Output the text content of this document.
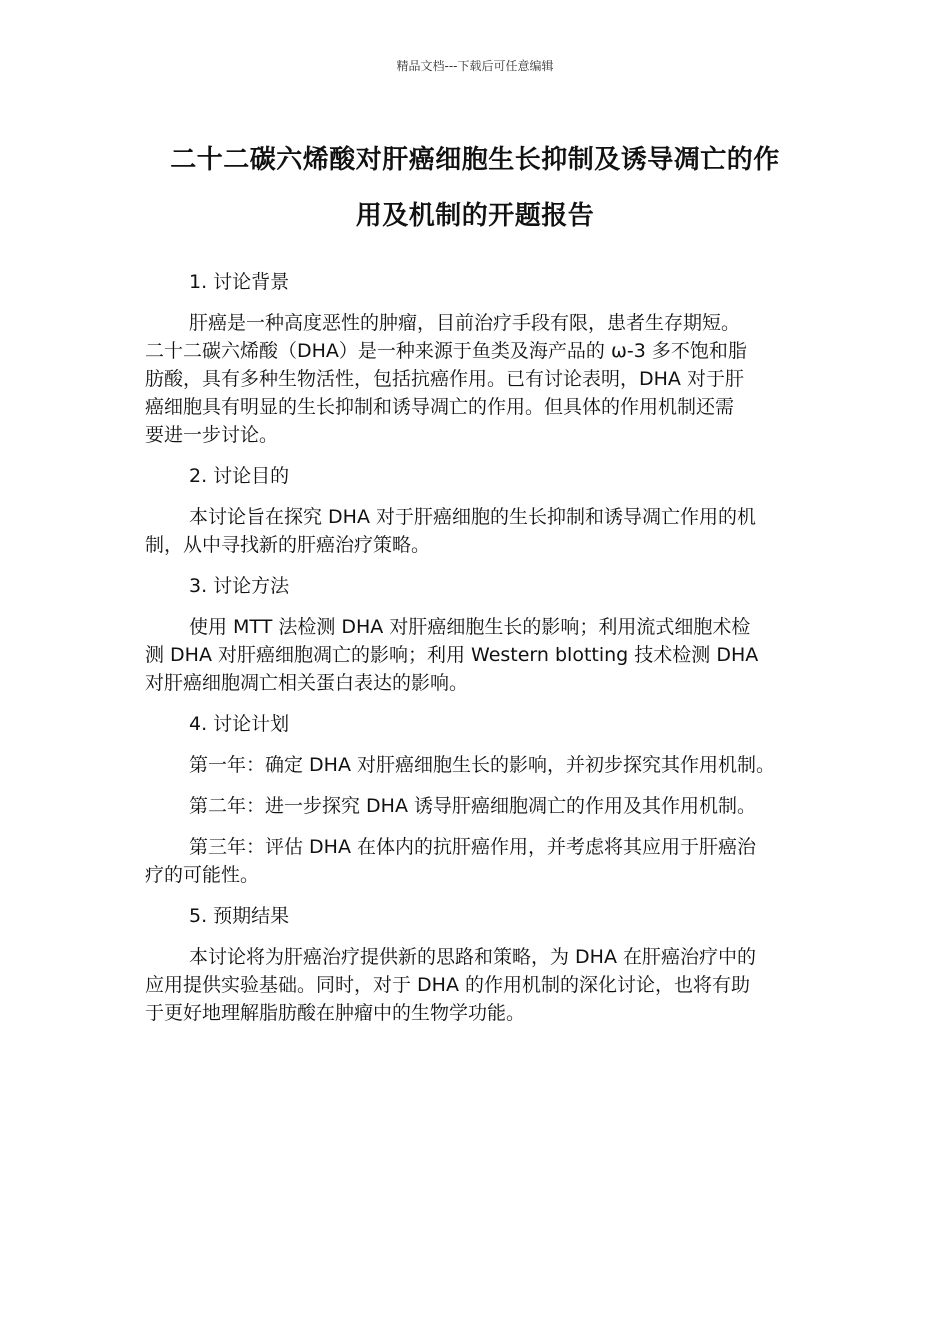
精品文档---下载后可任意编辑
二十二碳六烯酸对肝癌细胞生长抑制及诱导凋亡的作
用及机制的开题报告

1. 讨论背景

肝癌是一种高度恶性的肿瘤，目前治疗手段有限，患者生存期短。
二十二碳六烯酸（DHA）是一种来源于鱼类及海产品的 ω-3 多不饱和脂
肪酸，具有多种生物活性，包括抗癌作用。已有讨论表明，DHA 对于肝
癌细胞具有明显的生长抑制和诱导凋亡的作用。但具体的作用机制还需
要进一步讨论。

2. 讨论目的

本讨论旨在探究 DHA 对于肝癌细胞的生长抑制和诱导凋亡作用的机
制，从中寻找新的肝癌治疗策略。

3. 讨论方法

使用 MTT 法检测 DHA 对肝癌细胞生长的影响；利用流式细胞术检
测 DHA 对肝癌细胞凋亡的影响；利用 Western blotting 技术检测 DHA
对肝癌细胞凋亡相关蛋白表达的影响。

4. 讨论计划

第一年：确定 DHA 对肝癌细胞生长的影响，并初步探究其作用机制。

第二年：进一步探究 DHA 诱导肝癌细胞凋亡的作用及其作用机制。

第三年：评估 DHA 在体内的抗肝癌作用，并考虑将其应用于肝癌治
疗的可能性。

5. 预期结果

本讨论将为肝癌治疗提供新的思路和策略，为 DHA 在肝癌治疗中的
应用提供实验基础。同时，对于 DHA 的作用机制的深化讨论，也将有助
于更好地理解脂肪酸在肿瘤中的生物学功能。
